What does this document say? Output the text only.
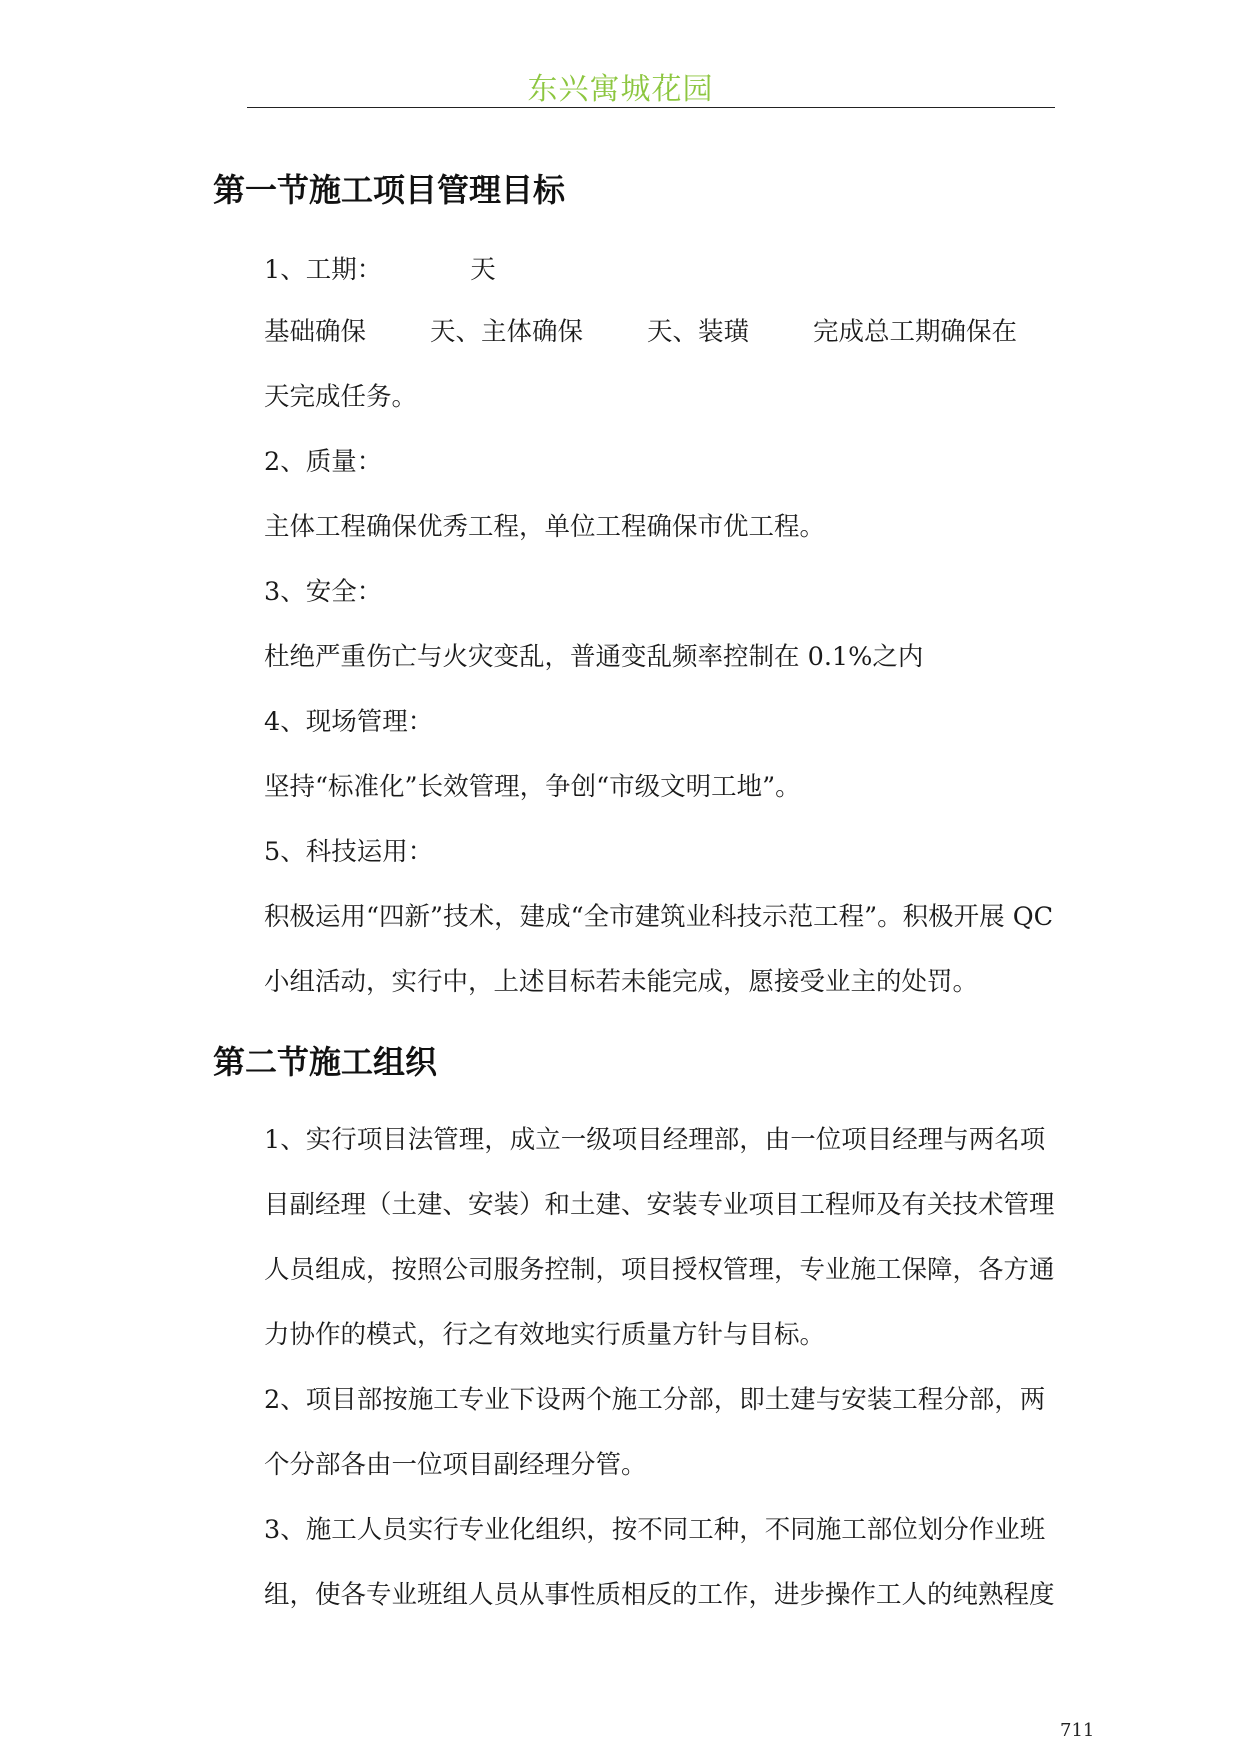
东兴寓城花园
第一节施工项目管理目标
1、工期：	天
基础确保	天、主体确保	天、装璜	完成总工期确保在
天完成任务。
2、质量：
主体工程确保优秀工程，单位工程确保市优工程。
3、安全：
杜绝严重伤亡与火灾变乱，普通变乱频率控制在 0.1%之内
4、现场管理：
坚持“标准化”长效管理，争创“市级文明工地”。
5、科技运用：
积极运用“四新”技术，建成“全市建筑业科技示范工程”。积极开展 QC
小组活动，实行中，上述目标若未能完成，愿接受业主的处罚。
第二节施工组织
1、实行项目法管理，成立一级项目经理部，由一位项目经理与两名项
目副经理（土建、安装）和土建、安装专业项目工程师及有关技术管理
人员组成，按照公司服务控制，项目授权管理，专业施工保障，各方通
力协作的模式，行之有效地实行质量方针与目标。
2、项目部按施工专业下设两个施工分部，即土建与安装工程分部，两
个分部各由一位项目副经理分管。
3、施工人员实行专业化组织，按不同工种，不同施工部位划分作业班
组，使各专业班组人员从事性质相反的工作，进步操作工人的纯熟程度
711
